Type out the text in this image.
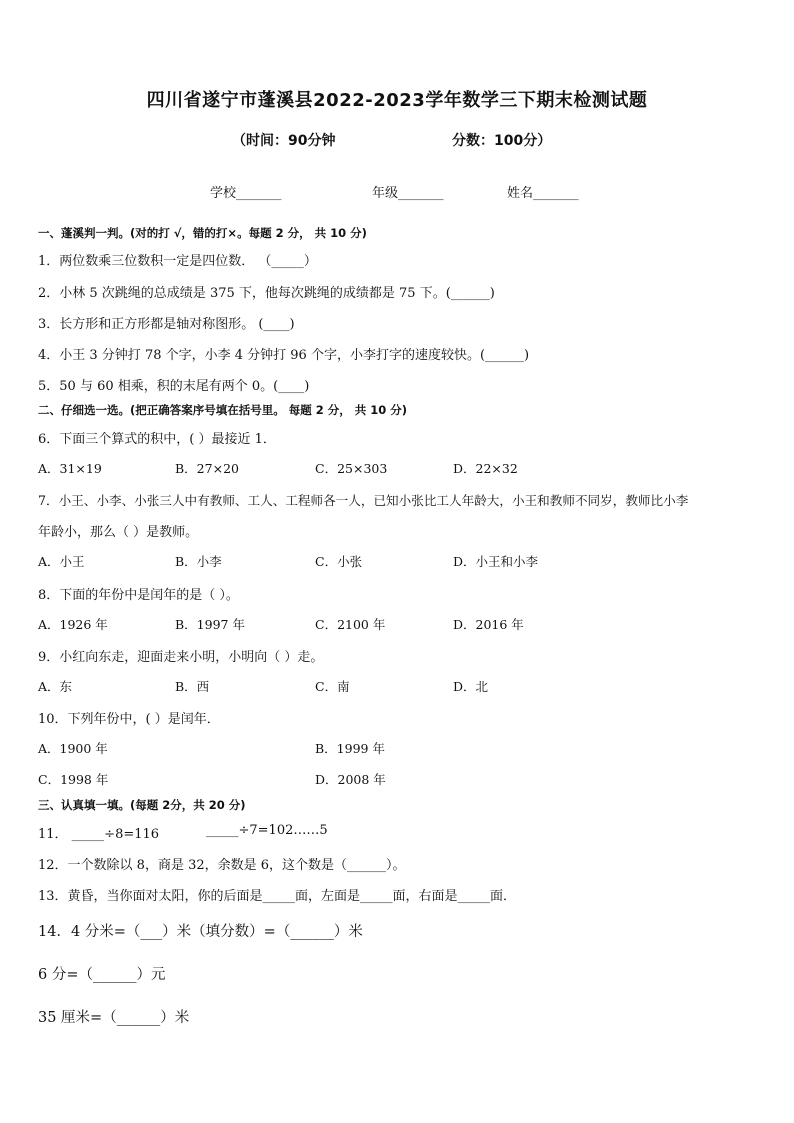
四川省遂宁市蓬溪县2022-2023学年数学三下期末检测试题
（时间：90分钟	分数：100分）
学校_______	年级_______	姓名_______
一、蓬溪判一判。(对的打 √，错的打×。每题 2 分， 共 10 分)
1．两位数乘三位数积一定是四位数． （_____）
2．小林 5 次跳绳的总成绩是 375 下，他每次跳绳的成绩都是 75 下。(______)
3．长方形和正方形都是轴对称图形。 (____)
4．小王 3 分钟打 78 个字，小李 4 分钟打 96 个字，小李打字的速度较快。(______)
5．50 与 60 相乘，积的末尾有两个 0。(____)
二、仔细选一选。(把正确答案序号填在括号里。 每题 2 分， 共 10 分)
6．下面三个算式的积中，( ）最接近 1．
A．31×19	B．27×20	C．25×303	D．22×32
7．小王、小李、小张三人中有教师、工人、工程师各一人，已知小张比工人年龄大，小王和教师不同岁，教师比小李
年龄小，那么（ ）是教师。
A．小王	B．小李	C．小张	D．小王和小李
8．下面的年份中是闰年的是（ ）。
A．1926 年	B．1997 年	C．2100 年	D．2016 年
9．小红向东走，迎面走来小明，小明向（ ）走。
A．东	B．西	C．南	D．北
10．下列年份中，( ）是闰年．
A．1900 年	B．1999 年
C．1998 年	D．2008 年
三、认真填一填。(每题 2分，共 20 分)
11． _____÷8=116	_____÷7=102……5
12．一个数除以 8，商是 32，余数是 6，这个数是（______）。
13．黄昏，当你面对太阳，你的后面是_____面，左面是_____面，右面是_____面．
14．4 分米=（___）米（填分数）=（______）米
6 分=（______）元
35 厘米=（______）米
